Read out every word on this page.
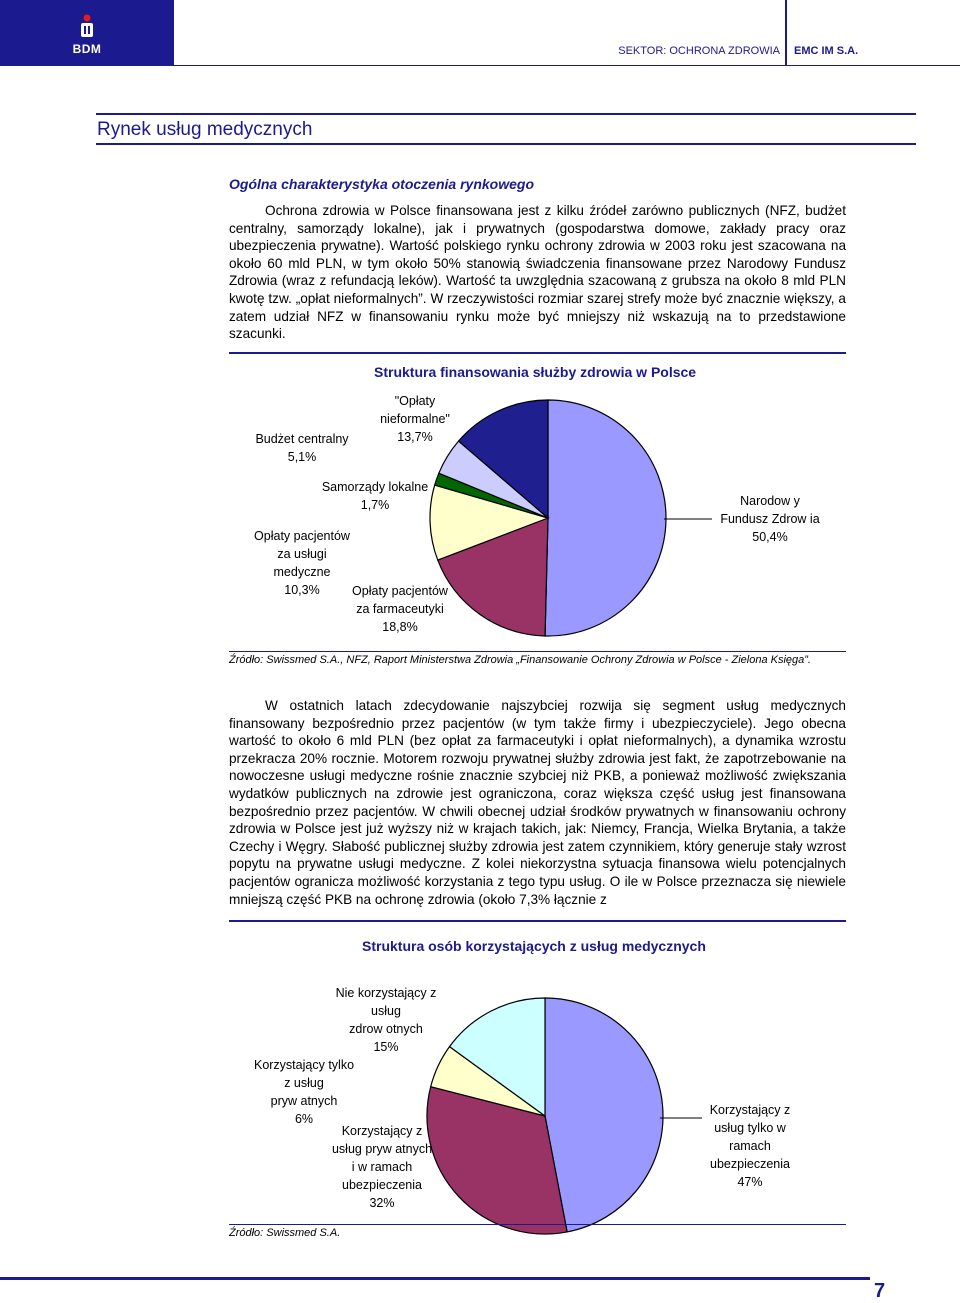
BDM	SEKTOR: OCHRONA ZDROWIA EMC IM S.A.
Rynek usług medycznych
Ogólna charakterystyka otoczenia rynkowego

Ochrona zdrowia w Polsce finansowana jest z kilku źródeł zarówno publicznych (NFZ, budżet centralny, samorządy lokalne), jak i prywatnych (gospodarstwa domowe, zakłady pracy oraz ubezpieczenia prywatne). Wartość polskiego rynku ochrony zdrowia w 2003 roku jest szacowana na około 60 mld PLN, w tym około 50% stanowią świadczenia finansowane przez Narodowy Fundusz Zdrowia (wraz z refundacją leków). Wartość ta uwzględnia szacowaną z grubsza na około 8 mld PLN kwotę tzw. „opłat nieformalnych”. W rzeczywistości rozmiar szarej strefy może być znacznie większy, a zatem udział NFZ w finansowaniu rynku może być mniejszy niż wskazują na to przedstawione szacunki.

Struktura finansowania służby zdrowia w Polsce
Budżet centralny
5,1%
"Opłaty
nieformalne"
13,7%
Samorządy lokalne
1,7%
Opłaty pacjentów
za usługi
medyczne
10,3%	Opłaty pacjentów
za farmaceutyki
18,8%
Narodow y
Fundusz Zdrow ia
50,4%
Źródło: Swissmed S.A., NFZ, Raport Ministerstwa Zdrowia „Finansowanie Ochrony Zdrowia w Polsce - Zielona Księga”.

W ostatnich latach zdecydowanie najszybciej rozwija się segment usług medycznych finansowany bezpośrednio przez pacjentów (w tym także firmy i ubezpieczyciele). Jego obecna wartość to około 6 mld PLN (bez opłat za farmaceutyki i opłat nieformalnych), a dynamika wzrostu przekracza 20% rocznie. Motorem rozwoju prywatnej służby zdrowia jest fakt, że zapotrzebowanie na nowoczesne usługi medyczne rośnie znacznie szybciej niż PKB, a ponieważ możliwość zwiększania wydatków publicznych na zdrowie jest ograniczona, coraz większa część usług jest finansowana bezpośrednio przez pacjentów. W chwili obecnej udział środków prywatnych w finansowaniu ochrony zdrowia w Polsce jest już wyższy niż w krajach takich, jak: Niemcy, Francja, Wielka Brytania, a także Czechy i Węgry. Słabość publicznej służby zdrowia jest zatem czynnikiem, który generuje stały wzrost popytu na prywatne usługi medyczne. Z kolei niekorzystna sytuacja finansowa wielu potencjalnych pacjentów ogranicza możliwość korzystania z tego typu usług. O ile w Polsce przeznacza się niewiele mniejszą część PKB na ochronę zdrowia (około 7,3% łącznie z

Struktura osób korzystających z usług medycznych
Nie korzystający z
usług
zdrow otnych
15%
Korzystający tylko
z usług
pryw atnych
6%
Korzystający z
usług pryw atnych
i w ramach
ubezpieczenia
32%
Korzystający z
usług tylko w
ramach
ubezpieczenia
47%
Źródło: Swissmed S.A.
7
